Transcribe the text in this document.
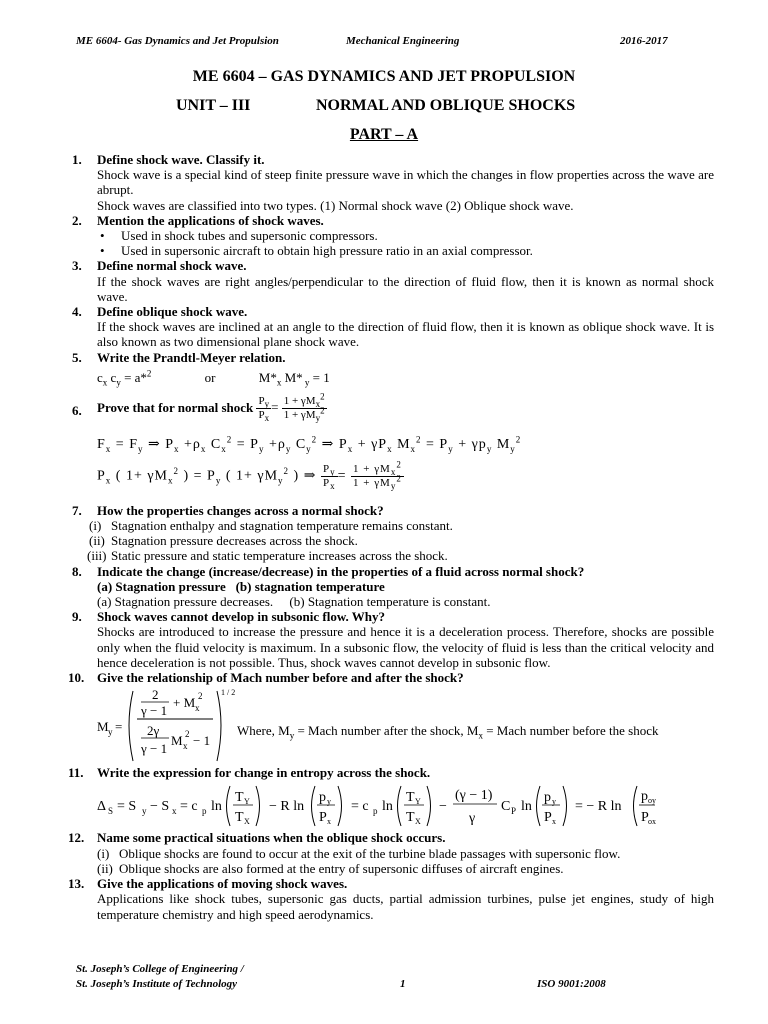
ME 6604- Gas Dynamics and Jet Propulsion	Mechanical Engineering	2016-2017
ME 6604 – GAS DYNAMICS AND JET PROPULSION
UNIT – III	NORMAL AND OBLIQUE SHOCKS
PART – A
1. Define shock wave. Classify it.
Shock wave is a special kind of steep finite pressure wave in which the changes in flow properties across the wave are abrupt.
Shock waves are classified into two types. (1) Normal shock wave (2) Oblique shock wave.
2. Mention the applications of shock waves.
• Used in shock tubes and supersonic compressors.
• Used in supersonic aircraft to obtain high pressure ratio in an axial compressor.
3. Define normal shock wave.
If the shock waves are right angles/perpendicular to the direction of fluid flow, then it is known as normal shock wave.
4. Define oblique shock wave.
If the shock waves are inclined at an angle to the direction of fluid flow, then it is known as oblique shock wave. It is also known as two dimensional plane shock wave.
5. Write the Prandtl-Meyer relation.
$c_x$ $c_y = a*^2$	or	$M*_x$ M* $_y$ = 1
6. Prove that for normal shock $\frac{P_y}{P_x} = \frac{1 + \gamma M_x^2}{1 + \gamma M_y^2}$
$F_x = F_y$ ⇒ $P_x +\rho_x$ $C_x^2 = P_y +\rho_y$ $C_y^2$ ⇒ $P_x + \gamma P_x$ $M_x^2 = P_y + \gamma p_y$ $M_y^2$
$P_x$ ( $1+ \gamma M_x^2$ ) = $P_y$ ( $1+ \gamma M_y^2$ ) ⇒ $\frac{P_y}{P_x} = \frac{1 + \gamma M_x^2}{1 + \gamma M_y^2}$
7. How the properties changes across a normal shock?
(i) Stagnation enthalpy and stagnation temperature remains constant.
(ii) Stagnation pressure decreases across the shock.
(iii) Static pressure and static temperature increases across the shock.
8. Indicate the change (increase/decrease) in the properties of a fluid across normal shock?
(a) Stagnation pressure (b) stagnation temperature
(a) Stagnation pressure decreases. (b) Stagnation temperature is constant.
9. Shock waves cannot develop in subsonic flow. Why?
Shocks are introduced to increase the pressure and hence it is a deceleration process. Therefore, shocks are possible only when the fluid velocity is maximum. In a subsonic flow, the velocity of fluid is less than the critical velocity and hence deceleration is not possible. Thus, shock waves cannot develop in subsonic flow.
10. Give the relationship of Mach number before and after the shock?
M y =
1 / 2
2
γ − 1
+ M x
2
2γ
γ − 1
M x
2 − 1
Where, $M_y$ = Mach number after the shock, $M_x$ = Mach number before the shock
11. Write the expression for change in entropy across the shock.
Δ S = S y − S x = c p ln
T Y
T X
− R ln
p y
P x
= c p ln
T Y
T X
−
(γ − 1)
γ
C P ln
p y
P x
= − R ln
p oy
P ox
12. Name some practical situations when the oblique shock occurs.
(i) Oblique shocks are found to occur at the exit of the turbine blade passages with supersonic flow.
(ii) Oblique shocks are also formed at the entry of supersonic diffuses of aircraft engines.
13. Give the applications of moving shock waves.
Applications like shock tubes, supersonic gas ducts, partial admission turbines, pulse jet engines, study of high temperature chemistry and high speed aerodynamics.
St. Joseph’s College of Engineering /
St. Joseph’s Institute of Technology	1	ISO 9001:2008
